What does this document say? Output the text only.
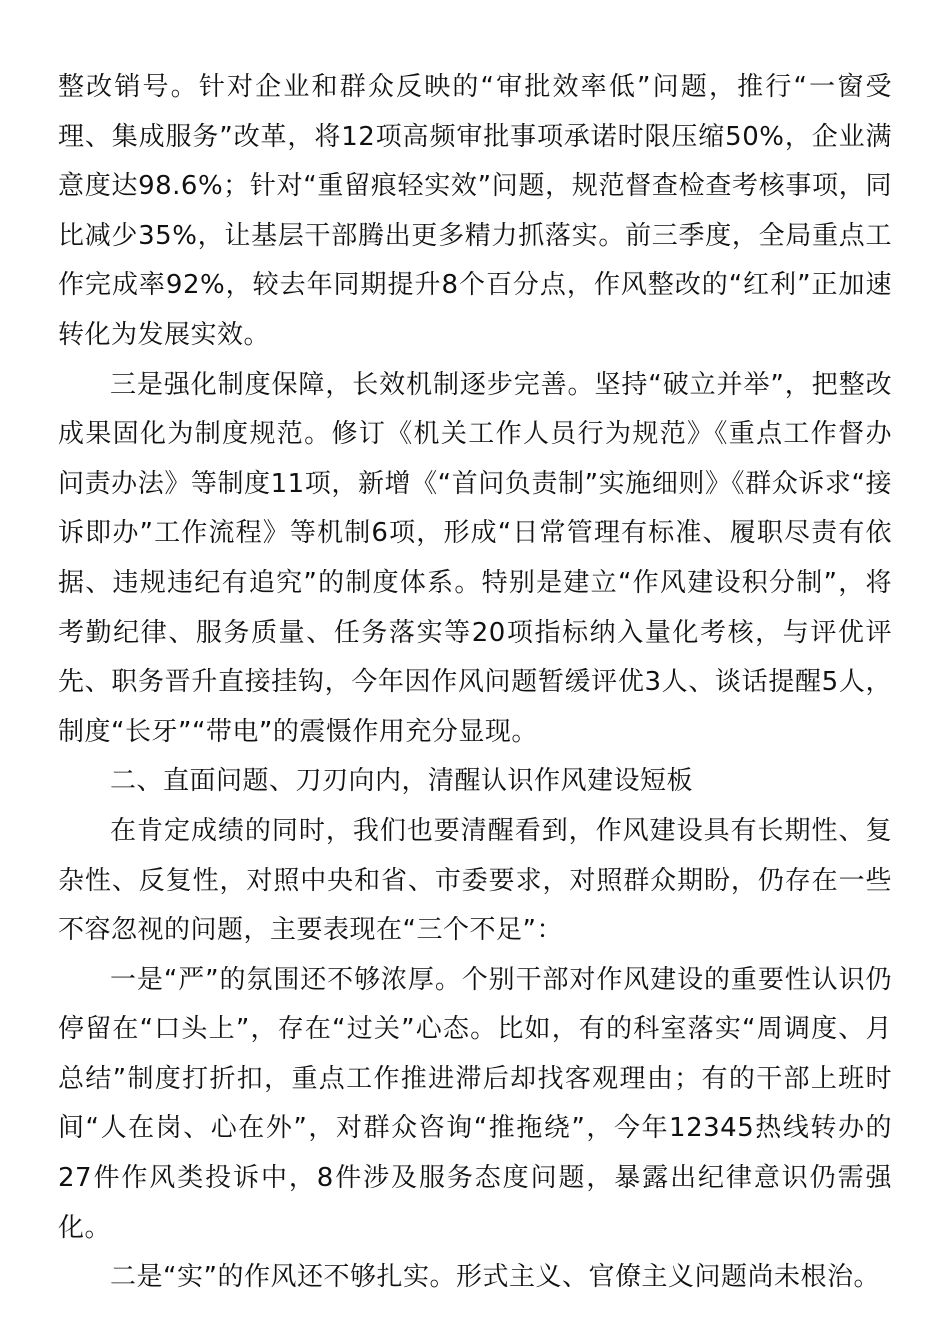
整改销号。针对企业和群众反映的“审批效率低”问题，推行“一窗受理、集成服务”改革，将12项高频审批事项承诺时限压缩50%，企业满意度达98.6%；针对“重留痕轻实效”问题，规范督查检查考核事项，同比减少35%，让基层干部腾出更多精力抓落实。前三季度，全局重点工作完成率92%，较去年同期提升8个百分点，作风整改的“红利”正加速转化为发展实效。

三是强化制度保障，长效机制逐步完善。坚持“破立并举”，把整改成果固化为制度规范。修订《机关工作人员行为规范》《重点工作督办问责办法》等制度11项，新增《“首问负责制”实施细则》《群众诉求“接诉即办”工作流程》等机制6项，形成“日常管理有标准、履职尽责有依据、违规违纪有追究”的制度体系。特别是建立“作风建设积分制”，将考勤纪律、服务质量、任务落实等20项指标纳入量化考核，与评优评先、职务晋升直接挂钩，今年因作风问题暂缓评优3人、谈话提醒5人，制度“长牙”“带电”的震慑作用充分显现。

二、直面问题、刀刃向内，清醒认识作风建设短板

在肯定成绩的同时，我们也要清醒看到，作风建设具有长期性、复杂性、反复性，对照中央和省、市委要求，对照群众期盼，仍存在一些不容忽视的问题，主要表现在“三个不足”：

一是“严”的氛围还不够浓厚。个别干部对作风建设的重要性认识仍停留在“口头上”，存在“过关”心态。比如，有的科室落实“周调度、月总结”制度打折扣，重点工作推进滞后却找客观理由；有的干部上班时间“人在岗、心在外”，对群众咨询“推拖绕”，今年12345热线转办的27件作风类投诉中，8件涉及服务态度问题，暴露出纪律意识仍需强化。

二是“实”的作风还不够扎实。形式主义、官僚主义问题尚未根治。
